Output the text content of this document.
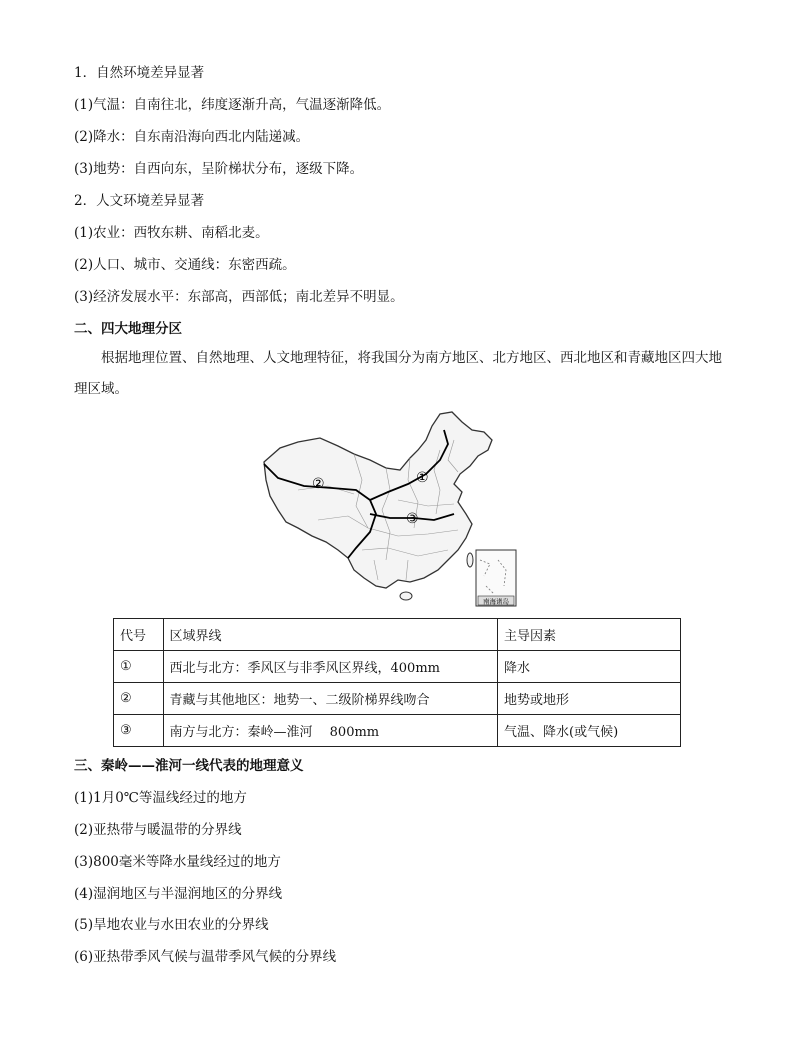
1．自然环境差异显著
(1)气温：自南往北，纬度逐渐升高，气温逐渐降低。
(2)降水：自东南沿海向西北内陆递减。
(3)地势：自西向东，呈阶梯状分布，逐级下降。
2．人文环境差异显著
(1)农业：西牧东耕、南稻北麦。
(2)人口、城市、交通线：东密西疏。
(3)经济发展水平：东部高，西部低；南北差异不明显。
二、四大地理分区
根据地理位置、自然地理、人文地理特征，将我国分为南方地区、北方地区、西北地区和青藏地区四大地理区域。
①
②
③
南海诸岛
代号	区域界线	主导因素
①	西北与北方：季风区与非季风区界线，400mm	降水
②	青藏与其他地区：地势一、二级阶梯界线吻合	地势或地形
③	南方与北方：秦岭—淮河　 800mm	气温、降水(或气候)
三、秦岭——淮河一线代表的地理意义
(1)1月0℃等温线经过的地方
(2)亚热带与暖温带的分界线
(3)800毫米等降水量线经过的地方
(4)湿润地区与半湿润地区的分界线
(5)旱地农业与水田农业的分界线
(6)亚热带季风气候与温带季风气候的分界线
